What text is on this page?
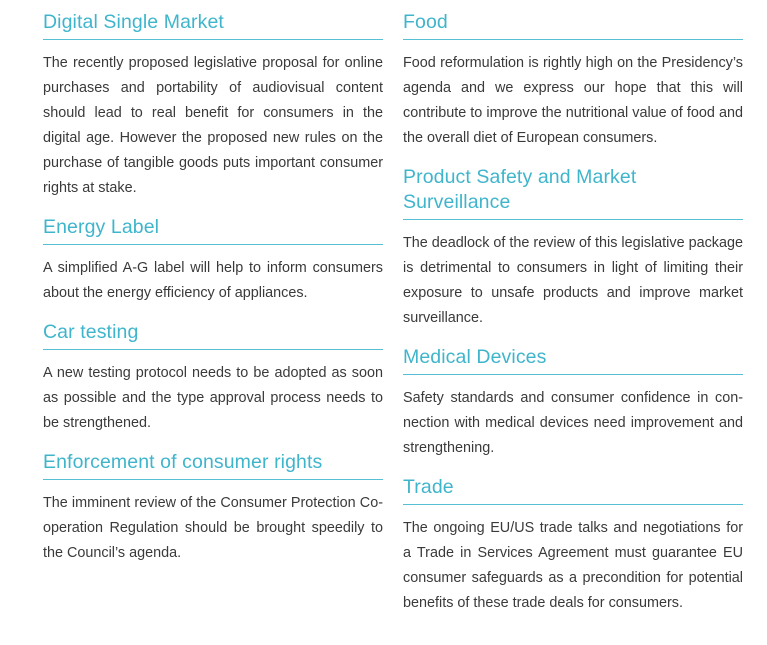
Digital Single Market

The recently proposed legislative proposal for online purchases and portability of audiovisual content should lead to real benefit for consumers in the digital age. However the proposed new rules on the purchase of tangible goods puts important consumer rights at stake.

Energy Label

A simplified A-G label will help to inform consumers about the energy efficiency of appliances.

Car testing

A new testing protocol needs to be adopted as soon as possible and the type approval process needs to be strengthened.

Enforcement of consumer rights

The imminent review of the Consumer Protection Co-operation Regulation should be brought speedily to the Council’s agenda.

Food

Food reformulation is rightly high on the Presidency’s agenda and we express our hope that this will contribute to improve the nutritional value of food and the overall diet of European consumers.

Product Safety and Market Surveillance

The deadlock of the review of this legislative package is detrimental to consumers in light of limiting their exposure to unsafe products and improve market surveillance.

Medical Devices

Safety standards and consumer confidence in connection with medical devices need improvement and strengthening.

Trade

The ongoing EU/US trade talks and negotiations for a Trade in Services Agreement must guarantee EU consumer safeguards as a precondition for potential benefits of these trade deals for consumers.
